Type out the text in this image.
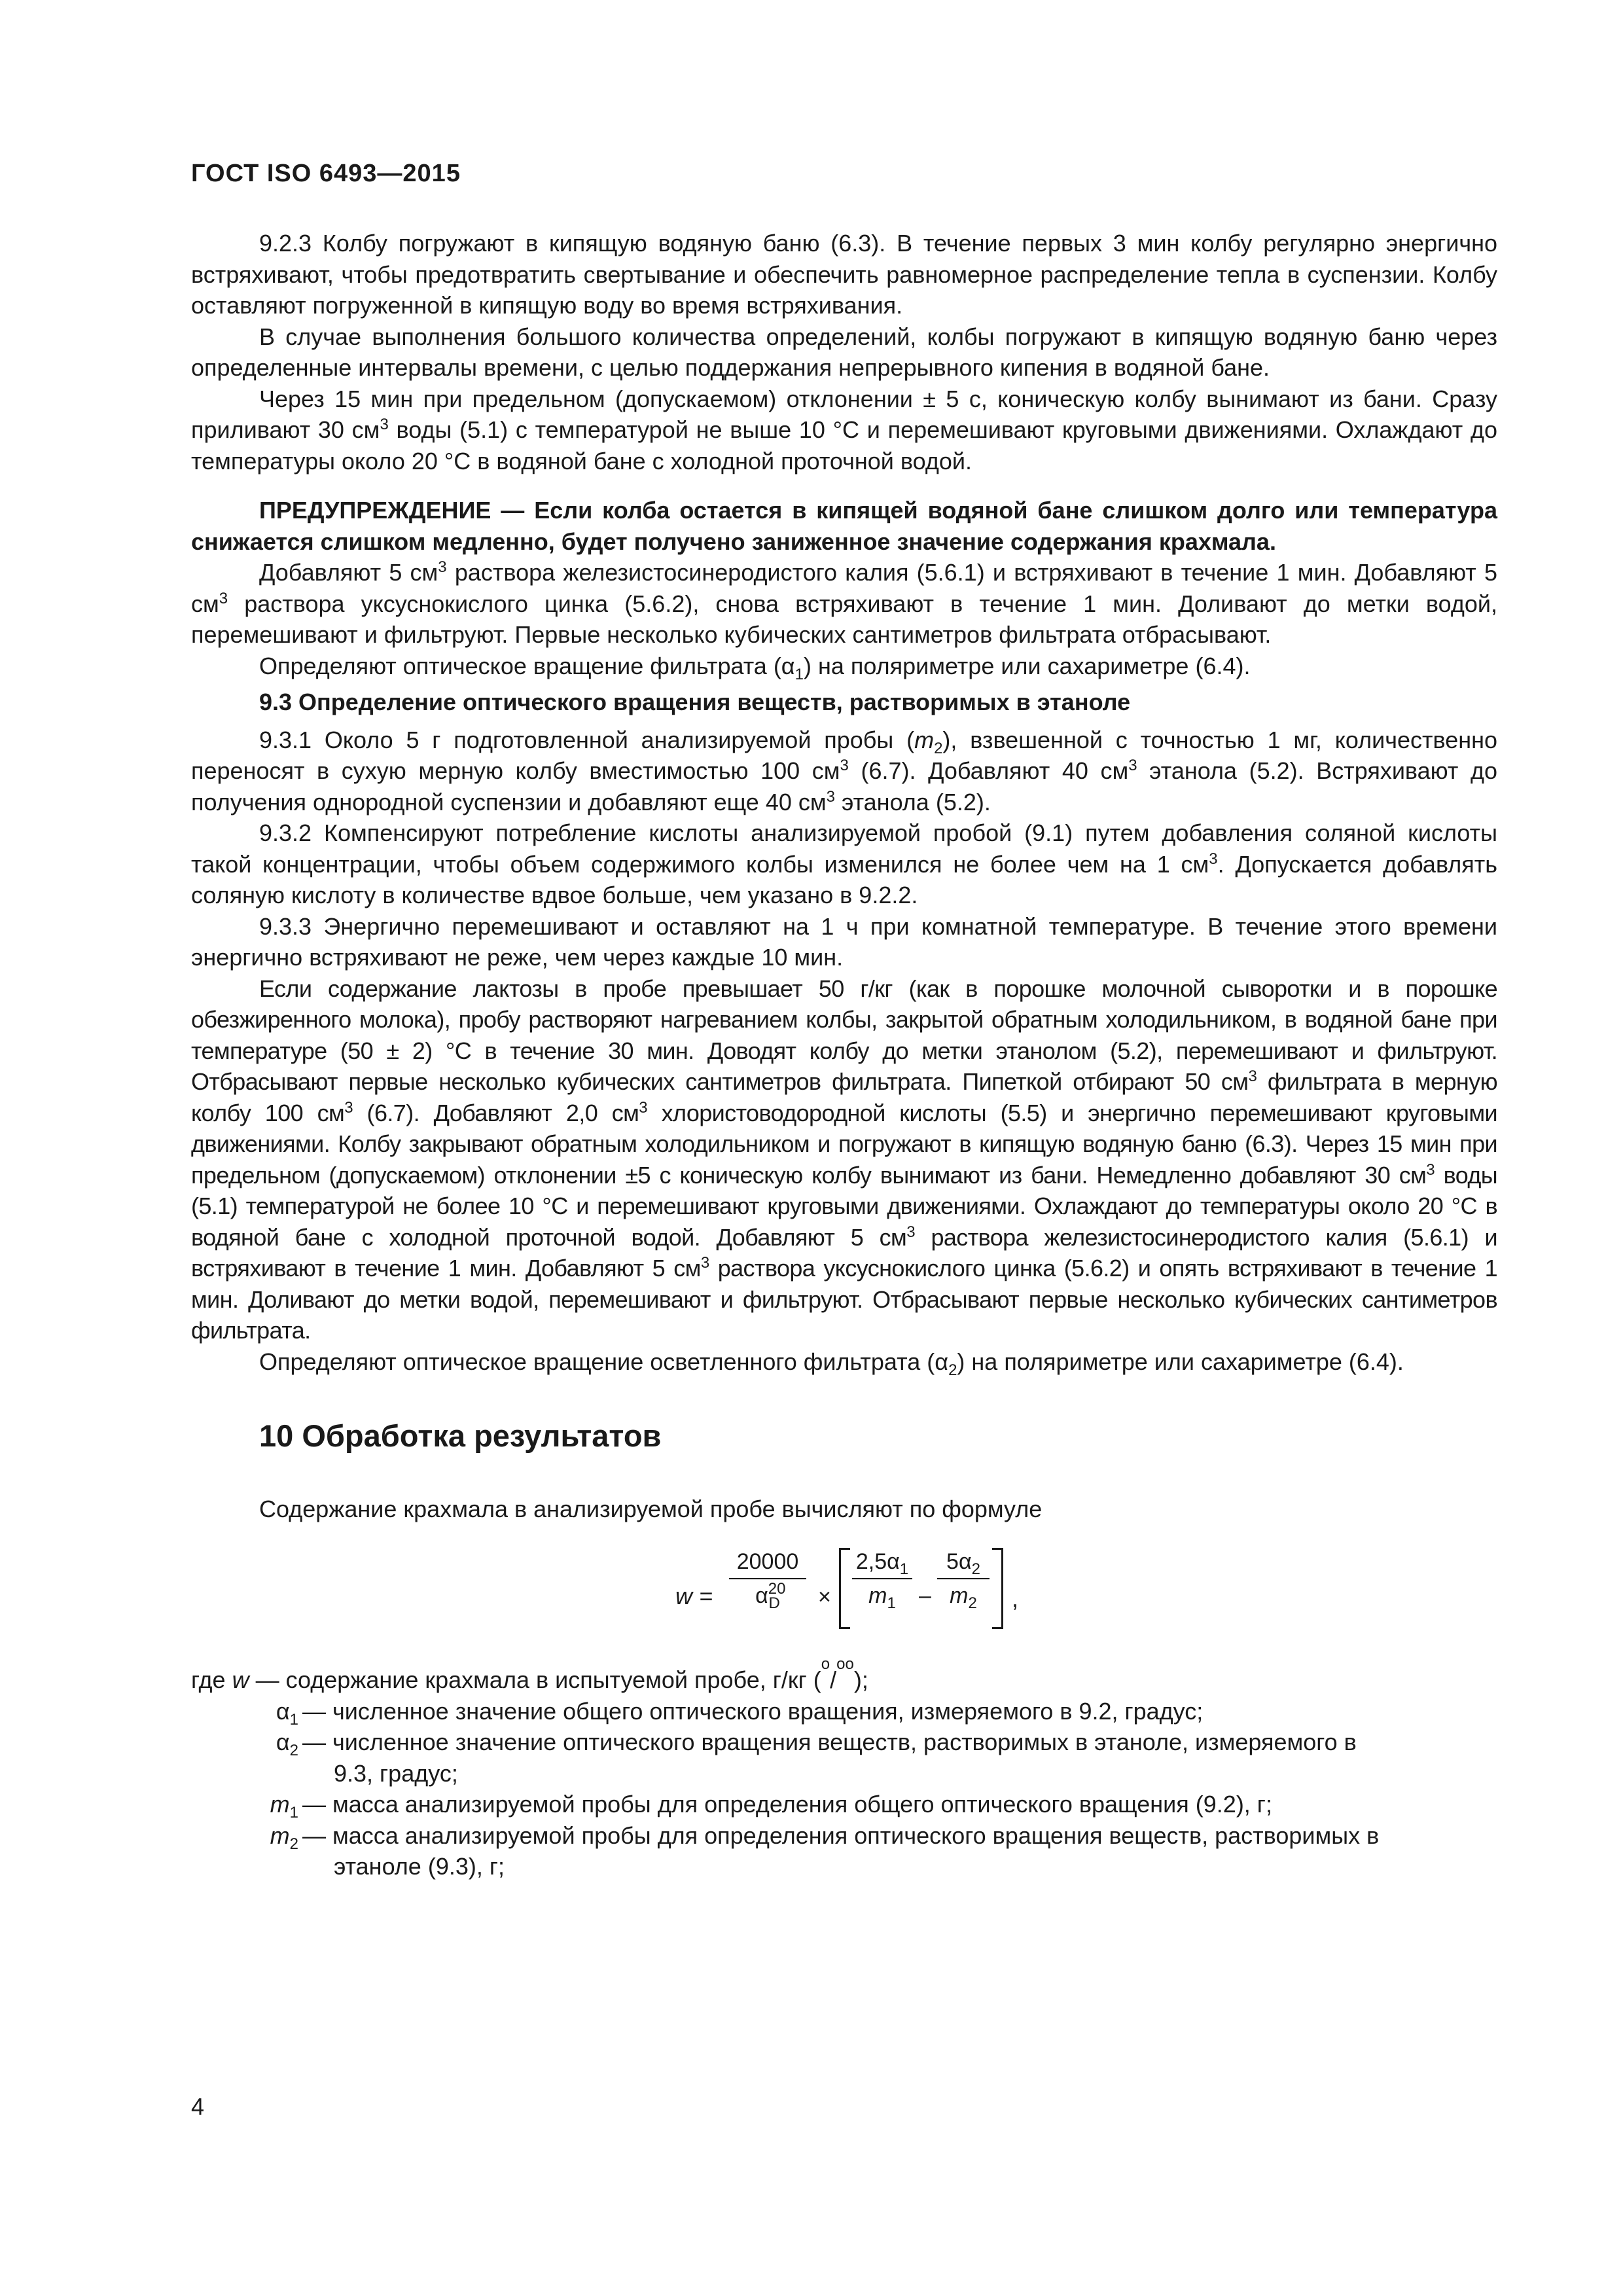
ГОСТ ISO 6493—2015

9.2.3 Колбу погружают в кипящую водяную баню (6.3). В течение первых 3 мин колбу регулярно энергично встряхивают, чтобы предотвратить свертывание и обеспечить равномерное распределение тепла в суспензии. Колбу оставляют погруженной в кипящую воду во время встряхивания.

В случае выполнения большого количества определений, колбы погружают в кипящую водяную баню через определенные интервалы времени, с целью поддержания непрерывного кипения в водяной бане.

Через 15 мин при предельном (допускаемом) отклонении ± 5 с, коническую колбу вынимают из бани. Сразу приливают 30 $см^3$ воды (5.1) с температурой не выше 10 °С и перемешивают круговыми движениями. Охлаждают до температуры около 20 °С в водяной бане с холодной проточной водой.

ПРЕДУПРЕЖДЕНИЕ — Если колба остается в кипящей водяной бане слишком долго или температура снижается слишком медленно, будет получено заниженное значение содержания крахмала.

Добавляют 5 $см^3$ раствора железистосинеродистого калия (5.6.1) и встряхивают в течение 1 мин. Добавляют 5 $см^3$ раствора уксуснокислого цинка (5.6.2), снова встряхивают в течение 1 мин. Доливают до метки водой, перемешивают и фильтруют. Первые несколько кубических сантиметров фильтрата отбрасывают.

Определяют оптическое вращение фильтрата $(\alpha_1)$ на поляриметре или сахариметре (6.4).

9.3 Определение оптического вращения веществ, растворимых в этаноле

9.3.1 Около 5 г подготовленной анализируемой пробы $(m_2)$, взвешенной с точностью 1 мг, количественно переносят в сухую мерную колбу вместимостью 100 $см^3$ (6.7). Добавляют 40 $см^3$ этанола (5.2). Встряхивают до получения однородной суспензии и добавляют еще 40 $см^3$ этанола (5.2).

9.3.2 Компенсируют потребление кислоты анализируемой пробой (9.1) путем добавления соляной кислоты такой концентрации, чтобы объем содержимого колбы изменился не более чем на 1 $см^3$. Допускается добавлять соляную кислоту в количестве вдвое больше, чем указано в 9.2.2.

9.3.3 Энергично перемешивают и оставляют на 1 ч при комнатной температуре. В течение этого времени энергично встряхивают не реже, чем через каждые 10 мин.

Если содержание лактозы в пробе превышает 50 г/кг (как в порошке молочной сыворотки и в порошке обезжиренного молока), пробу растворяют нагреванием колбы, закрытой обратным холодильником, в водяной бане при температуре (50 ± 2) °С в течение 30 мин. Доводят колбу до метки этанолом (5.2), перемешивают и фильтруют. Отбрасывают первые несколько кубических сантиметров фильтрата. Пипеткой отбирают 50 $см^3$ фильтрата в мерную колбу 100 $см^3$ (6.7). Добавляют 2,0 $см^3$ хлористоводородной кислоты (5.5) и энергично перемешивают круговыми движениями. Колбу закрывают обратным холодильником и погружают в кипящую водяную баню (6.3). Через 15 мин при предельном (допускаемом) отклонении ±5 с коническую колбу вынимают из бани. Немедленно добавляют 30 $см^3$ воды (5.1) температурой не более 10 °С и перемешивают круговыми движениями. Охлаждают до температуры около 20 °С в водяной бане с холодной проточной водой. Добавляют 5 $см^3$ раствора железистосинеродистого калия (5.6.1) и встряхивают в течение 1 мин. Добавляют 5 $см^3$ раствора уксуснокислого цинка (5.6.2) и опять встряхивают в течение 1 мин. Доливают до метки водой, перемешивают и фильтруют. Отбрасывают первые несколько кубических сантиметров фильтрата.

Определяют оптическое вращение осветленного фильтрата $(\alpha_2)$ на поляриметре или сахариметре (6.4).

10 Обработка результатов

Содержание крахмала в анализируемой пробе вычисляют по формуле

w =
20000
$\alpha^{20}_D$	×
$2,5\alpha_1$
$m_1$	–
$5\alpha_2$
$m_2$	,
где
w
— содержание крахмала в испытуемой пробе, г/кг (
о
/
оо
);
$\alpha_1$ — численное значение общего оптического вращения, измеряемого в 9.2, градус;
$\alpha_2$ — численное значение оптического вращения веществ, растворимых в этаноле, измеряемого в
9.3, градус;
$m_1$ — масса анализируемой пробы для определения общего оптического вращения (9.2), г;
$m_2$ — масса анализируемой пробы для определения оптического вращения веществ, растворимых в
этаноле (9.3), г;
4
